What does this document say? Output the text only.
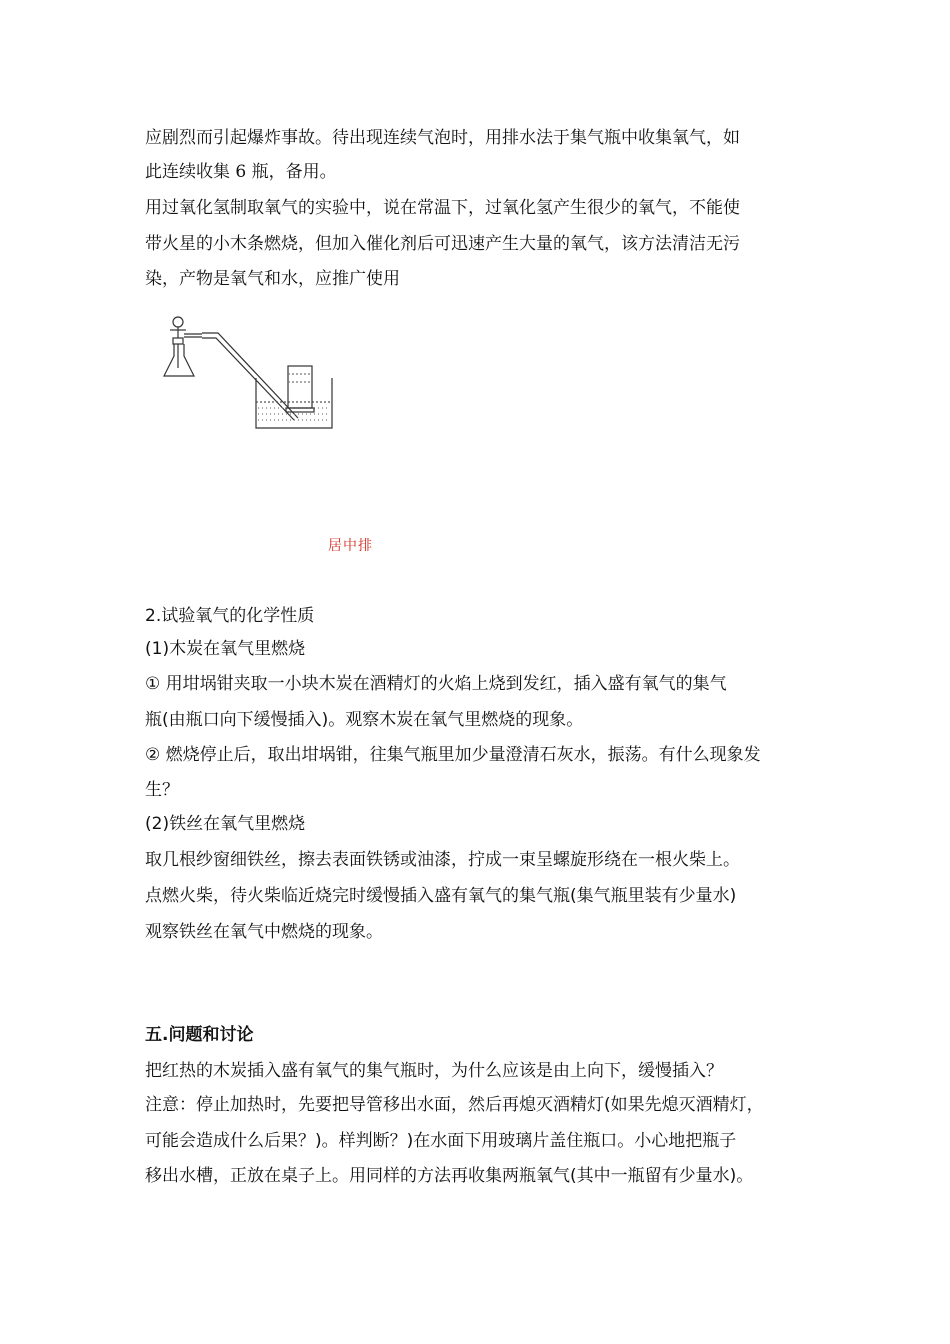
应剧烈而引起爆炸事故。待出现连续气泡时，用排水法于集气瓶中收集氧气，如
此连续收集 6 瓶，备用。
用过氧化氢制取氧气的实验中，说在常温下，过氧化氢产生很少的氧气，不能使
带火星的小木条燃烧，但加入催化剂后可迅速产生大量的氧气，该方法清洁无污
染，产物是氧气和水，应推广使用
居中排
2.试验氧气的化学性质
(1)木炭在氧气里燃烧
① 用坩埚钳夹取一小块木炭在酒精灯的火焰上烧到发红，插入盛有氧气的集气
瓶(由瓶口向下缓慢插入)。观察木炭在氧气里燃烧的现象。
② 燃烧停止后，取出坩埚钳，往集气瓶里加少量澄清石灰水，振荡。有什么现象发
生？
(2)铁丝在氧气里燃烧
取几根纱窗细铁丝，擦去表面铁锈或油漆，拧成一束呈螺旋形绕在一根火柴上。
点燃火柴，待火柴临近烧完时缓慢插入盛有氧气的集气瓶(集气瓶里装有少量水)
观察铁丝在氧气中燃烧的现象。
五.问题和讨论
把红热的木炭插入盛有氧气的集气瓶时，为什么应该是由上向下，缓慢插入？
注意：停止加热时，先要把导管移出水面，然后再熄灭酒精灯(如果先熄灭酒精灯，
可能会造成什么后果？)。样判断？)在水面下用玻璃片盖住瓶口。小心地把瓶子
移出水槽，正放在桌子上。用同样的方法再收集两瓶氧气(其中一瓶留有少量水)。
